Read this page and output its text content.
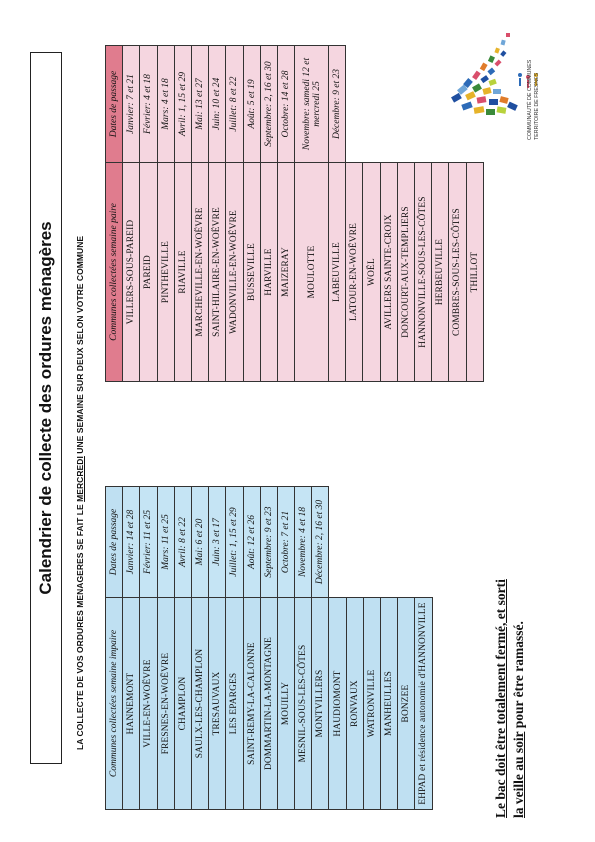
Calendrier de collecte des ordures ménagères
LA COLLECTE DE VOS ORDURES MENAGERES SE FAIT LE MERCREDI UNE SEMAINE SUR DEUX SELON VOTRE COMMUNE
Communes collectées semaine impaire	Dates de passage
HANNEMONT	Janvier: 14 et 28
VILLE-EN-WOËVRE	Février: 11 et 25
FRESNES-EN-WOËVRE	Mars: 11 et 25
CHAMPLON	Avril: 8 et 22
SAULX-LES-CHAMPLON	Mai: 6 et 20
TRESAUVAUX	Juin: 3 et 17
LES EPARGES	Juillet: 1, 15 et 29
SAINT-REMY-LA-CALONNE	Août: 12 et 26
DOMMARTIN-LA-MONTAGNE	Septembre: 9 et 23
MOUILLY	Octobre: 7 et 21
MESNIL-SOUS-LES-CÔTES	Novembre: 4 et 18
MONTVILLERS	Décembre: 2, 16 et 30
HAUDIOMONT	
RONVAUX	
WATRONVILLE	
MANHEULLES	
BONZEE	
EHPAD et résidence autonomie d'HANNONVILLE	
Communes collectées semaine paire	Dates de passage
VILLERS-SOUS-PAREID	Janvier: 7 et 21
PAREID	Février: 4 et 18
PINTHEVILLE	Mars: 4 et 18
RIAVILLE	Avril: 1, 15 et 29
MARCHEVILLE-EN-WOËVRE	Mai: 13 et 27
SAINT-HILAIRE-EN-WOËVRE	Juin: 10 et 24
WADONVILLE-EN-WOËVRE	Juillet: 8 et 22
BUSSEVILLE	Août: 5 et 19
HARVILLE	Septembre: 2, 16 et 30
MAIZERAY	Octobre: 14 et 28
MOULOTTE	Novembre: samedi 12 et mercredi 25
LABEUVILLE	Décembre: 9 et 23
LATOUR-EN-WOËVRE	
WOËL	
AVILLERS SAINTE-CROIX	
DONCOURT-AUX-TEMPLIERS	
HANNONVILLE-SOUS-LES-CÔTES	
HERBEUVILLE	
COMBRES-SOUS-LES-CÔTES	
THILLOT	
Le bac doit être totalement fermé, et sorti
la veille au soir pour être ramassé.
COMMUNAUTÉ DE COMMUNES
TERRITOIRE DE FRESNES
